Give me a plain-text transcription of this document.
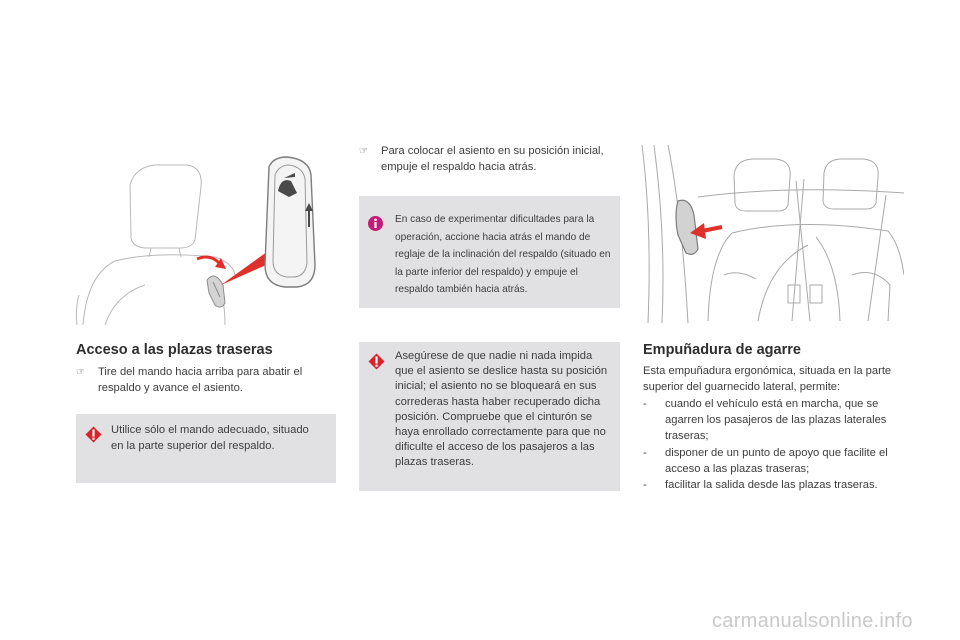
☞	Para colocar el asiento en su posición inicial, empuje el respaldo hacia atrás.
En caso de experimentar dificultades para la operación, accione hacia atrás el mando de reglaje de la inclinación del respaldo (situado en la parte inferior del respaldo) y empuje el respaldo también hacia atrás.
Acceso a las plazas traseras
☞	Tire del mando hacia arriba para abatir el respaldo y avance el asiento.
Utilice sólo el mando adecuado, situado en la parte superior del respaldo.
Asegúrese de que nadie ni nada impida que el asiento se deslice hasta su posición inicial; el asiento no se bloqueará en sus correderas hasta haber recuperado dicha posición. Compruebe que el cinturón se haya enrollado correctamente para que no dificulte el acceso de los pasajeros a las plazas traseras.
Empuñadura de agarre
Esta empuñadura ergonómica, situada en la parte superior del guarnecido lateral, permite:
-	cuando el vehículo está en marcha, que se agarren los pasajeros de las plazas laterales traseras;
-	disponer de un punto de apoyo que facilite el acceso a las plazas traseras;
-	facilitar la salida desde las plazas traseras.
carmanualsonline.info
